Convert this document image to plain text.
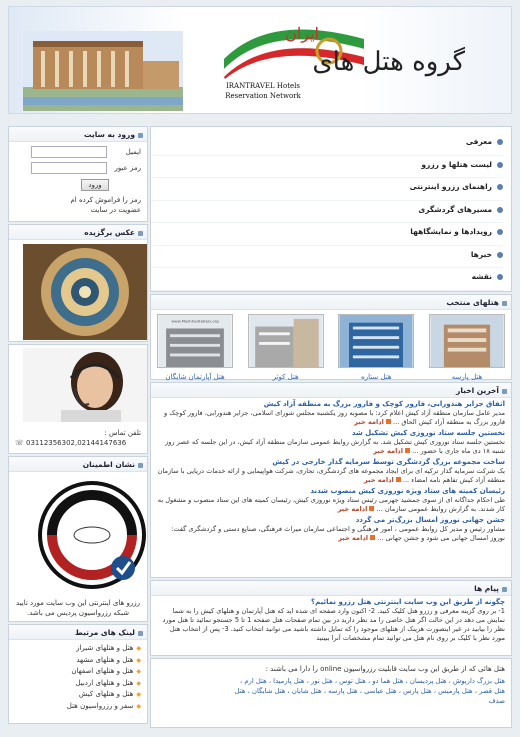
ایران
گروه هتل های
IRANTRAVEL Hotels
Reservation Network
ورود به سایت
ایمیل
رمز عبور
ورود
رمز را فراموش کرده ام
عضویت در سایت
عکس برگزیده
تلفن تماس :
☏ 03112356302,02144147636
نشان اطمینان
رزرو های اینترنتی این وب سایت مورد تایید شبکه رزرواسیون پردیس می باشد.
لینک های مرتبط
◆ هتل و هتلهای شیراز
◆ هتل و هتلهای مشهد
◆ هتل و هتلهای اصفهان
◆ هتل و هتلهای اردبیل
◆ هتل و هتلهای کیش
◆ سفر و رزرواسیون هتل
معرفی
لیست هتلها و رزرو
راهنمای رزرو اینترنتی
مسیرهای گردشگری
رویدادها و نمایشگاهها
خبرها
نقشه
هتلهای منتخب
هتل پارسه
هتل ستاره
هتل کوثر
www.MashhadHotels.org
هتل آپارتمان شایگان
آخرین اخبار
اتفاق جزایر هندورابی، فارور کوچک و فارور بزرگ به منطقه آزاد کیش
مدیر عامل سازمان منطقه آزاد کیش اعلام کرد: با مصوبه روز یکشنبه مجلس شورای اسلامی، جزایر هندورابی، فارور کوچک و فارور بزرگ به منطقه آزاد کیش الحاق ... ادامه خبر
نخستین جلسه ستاد نوروزی کیش تشکیل شد
نخستین جلسه ستاد نوروزی کیش تشکیل شد. به گزارش روابط عمومی سازمان منطقه آزاد کیش، در این جلسه که عصر روز شنبه ۱۸ دی ماه جاری با حضور ... ادامه خبر
ساخت مجموعه بزرگ گردشگری توسط سرمایه گذار خارجی در کیش
یک شرکت سرمایه گذار ترکیه ای برای ایجاد مجموعه های گردشگری، تجاری، شرکت هواپیمایی و ارائه خدمات دریایی با سازمان منطقه آزاد کیش تفاهم نامه امضاء ... ادامه خبر
رئیسان کمیته های ستاد ویژه نوروزی کیش منصوب شدند
طی احکام جداگانه ای از سوی جمشید جهرمی رئیس ستاد ویژه نوروزی کیش، رئیسان کمیته های این ستاد منصوب و مشغول به کار شدند. به گزارش روابط عمومی سازمان ... ادامه خبر
جشن جهانی نوروز امسال بزرگ‌تر می گردد
مشاور رئیس و مدیر کل روابط عمومی ، امور فرهنگی و اجتماعی سازمان میراث فرهنگی، صنایع دستی و گردشگری گفت: نوروز امسال جهانی می شود و جشن جهانی ... ادامه خبر
پیام ها
چگونه از طریق این وب سایت اینترنتی هتل رزرو نمائیم؟
1- بر روی گزینه معرفی و رزرو هتل کلیک کنید. 2- اکنون وارد صفحه ای شده اید که هتل آپارتمان و هتلهای کیش را به شما نمایش می دهد در این حالت اگر هتل خاصی را مد نظر دارید در بین تمام صفحات هتل صفحه 1 تا 5 جستجو نمائید تا هتل مورد نظر را بیابید در غیر اینصورت هزینک از هتلهای موجود را که تمایل داشته باشید می توانید انتخاب کنید. 3- پس از انتخاب هتل مورد نظر با کلیک بر روی نام هتل می توانید تمام مشخصات آنرا ببینید
هتل هائی که از طریق این وب سایت قابلیت رزرواسیون online را دارا می باشند :
هتل بزرگ داریوش ، هتل پردیسان ، هتل هما دو ، هتل توس ، هتل نور ، هتل پارمیدا ، هتل ارم ،
هتل قصر ، هتل پارمیس ، هتل پارس ، هتل عباسی ، هتل پارسه ، هتل شایان ، هتل شایگان ، هتل
صدف
